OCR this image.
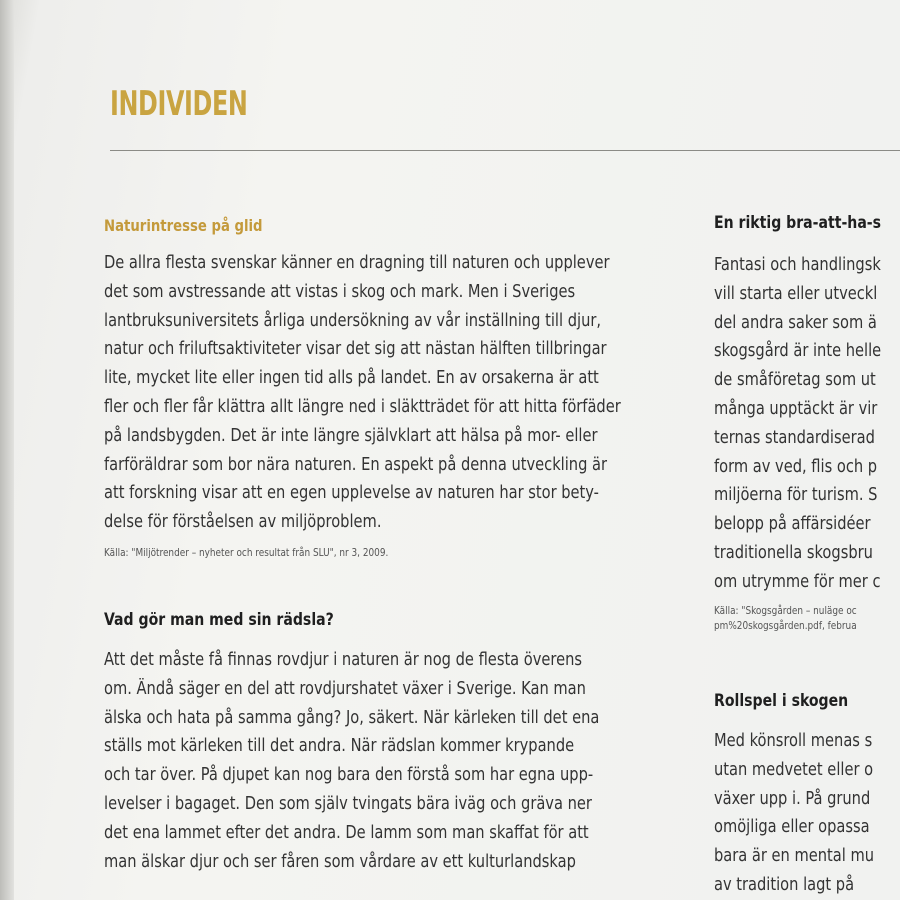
INDIVIDEN
Naturintresse på glid
De allra flesta svenskar känner en dragning till naturen och upplever
det som avstressande att vistas i skog och mark. Men i Sveriges
lantbruksuniversitets årliga undersökning av vår inställning till djur,
natur och friluftsaktiviteter visar det sig att nästan hälften tillbringar
lite, mycket lite eller ingen tid alls på landet. En av orsakerna är att
fler och fler får klättra allt längre ned i släktträdet för att hitta förfäder
på landsbygden. Det är inte längre självklart att hälsa på mor- eller
farföräldrar som bor nära naturen. En aspekt på denna utveckling är
att forskning visar att en egen upplevelse av naturen har stor bety-
delse för förståelsen av miljöproblem.
Källa: "Miljötrender – nyheter och resultat från SLU", nr 3, 2009.
Vad gör man med sin rädsla?
Att det måste få finnas rovdjur i naturen är nog de flesta överens
om. Ändå säger en del att rovdjurshatet växer i Sverige. Kan man
älska och hata på samma gång? Jo, säkert. När kärleken till det ena
ställs mot kärleken till det andra. När rädslan kommer krypande
och tar över. På djupet kan nog bara den förstå som har egna upp-
levelser i bagaget. Den som själv tvingats bära iväg och gräva ner
det ena lammet efter det andra. De lamm som man skaffat för att
man älskar djur och ser fåren som vårdare av ett kulturlandskap
En riktig bra-att-ha-s
Fantasi och handlingsk
vill starta eller utveckl
del andra saker som ä
skogsgård är inte helle
de småföretag som ut
många upptäckt är vir
ternas standardiserad
form av ved, flis och p
miljöerna för turism. S
belopp på affärsidéer
traditionella skogsbru
om utrymme för mer c
Källa: "Skogsgården – nuläge oc
pm%20skogsgården.pdf, februa
Rollspel i skogen
Med könsroll menas s
utan medvetet eller o
växer upp i. På grund
omöjliga eller opassa
bara är en mental mu
av tradition lagt på
